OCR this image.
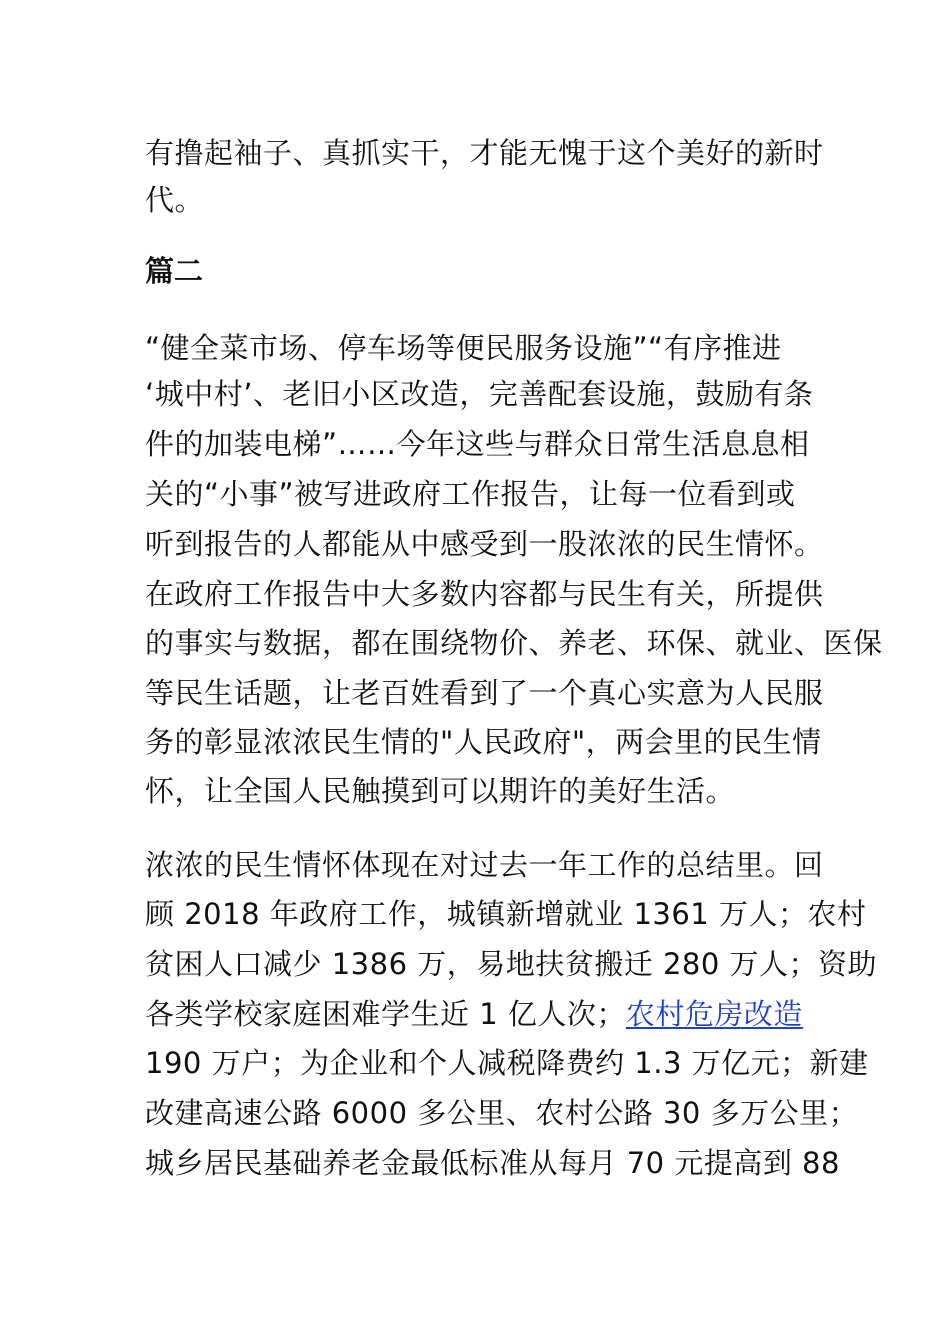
有撸起袖子、真抓实干，才能无愧于这个美好的新时
代。
篇二
“健全菜市场、停车场等便民服务设施”“有序推进
‘城中村’、老旧小区改造，完善配套设施，鼓励有条
件的加装电梯”……今年这些与群众日常生活息息相
关的“小事”被写进政府工作报告，让每一位看到或
听到报告的人都能从中感受到一股浓浓的民生情怀。
在政府工作报告中大多数内容都与民生有关，所提供
的事实与数据，都在围绕物价、养老、环保、就业、医保
等民生话题，让老百姓看到了一个真心实意为人民服
务的彰显浓浓民生情的"人民政府"，两会里的民生情
怀，让全国人民触摸到可以期许的美好生活。
浓浓的民生情怀体现在对过去一年工作的总结里。回
顾 2018 年政府工作，城镇新增就业 1361 万人；农村
贫困人口减少 1386 万，易地扶贫搬迁 280 万人；资助
各类学校家庭困难学生近 1 亿人次；农村危房改造
190 万户；为企业和个人减税降费约 1.3 万亿元；新建
改建高速公路 6000 多公里、农村公路 30 多万公里；
城乡居民基础养老金最低标准从每月 70 元提高到 88
